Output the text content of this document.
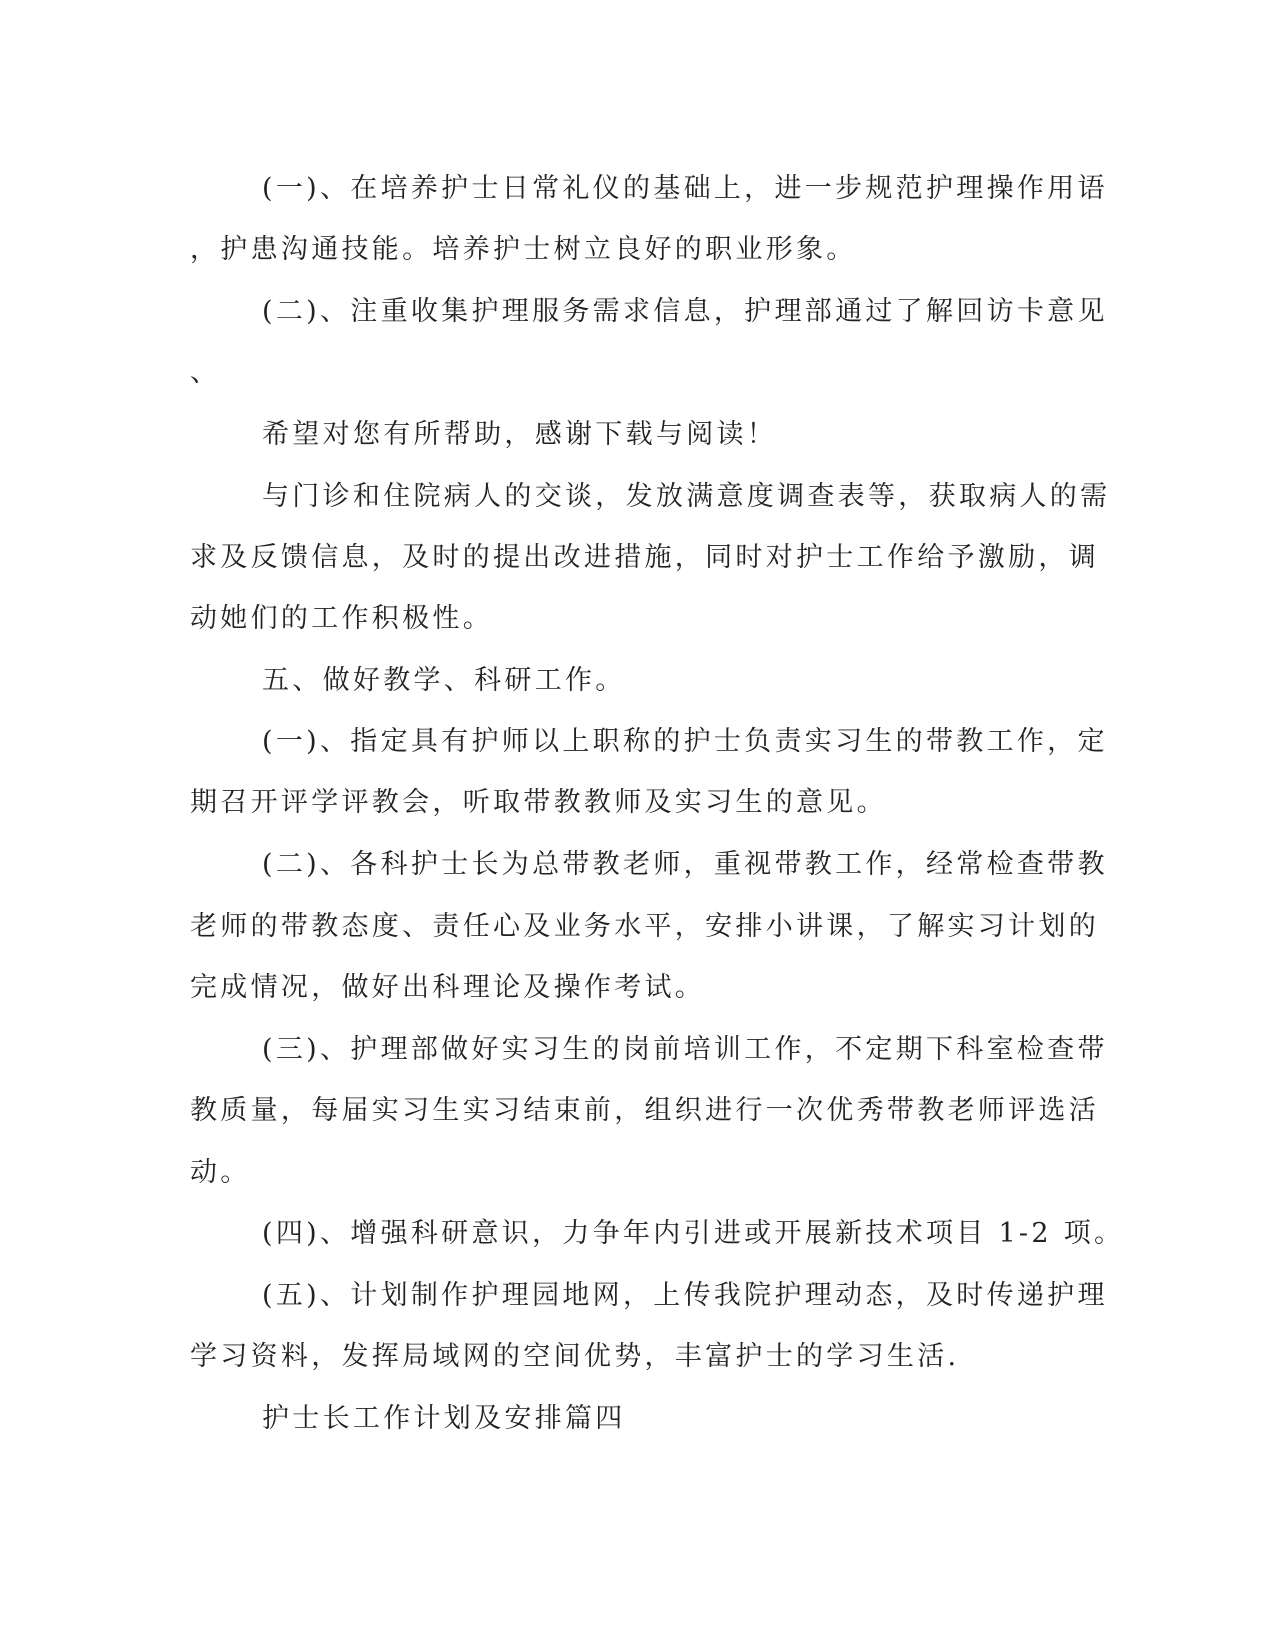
(一)、在培养护士日常礼仪的基础上，进一步规范护理操作用语

，护患沟通技能。培养护士树立良好的职业形象。

(二)、注重收集护理服务需求信息，护理部通过了解回访卡意见

、

希望对您有所帮助，感谢下载与阅读！

与门诊和住院病人的交谈，发放满意度调查表等，获取病人的需

求及反馈信息，及时的提出改进措施，同时对护士工作给予激励，调

动她们的工作积极性。

五、做好教学、科研工作。

(一)、指定具有护师以上职称的护士负责实习生的带教工作，定

期召开评学评教会，听取带教教师及实习生的意见。

(二)、各科护士长为总带教老师，重视带教工作，经常检查带教

老师的带教态度、责任心及业务水平，安排小讲课，了解实习计划的

完成情况，做好出科理论及操作考试。

(三)、护理部做好实习生的岗前培训工作，不定期下科室检查带

教质量，每届实习生实习结束前，组织进行一次优秀带教老师评选活

动。

(四)、增强科研意识，力争年内引进或开展新技术项目 1-2 项。

(五)、计划制作护理园地网，上传我院护理动态，及时传递护理

学习资料，发挥局域网的空间优势，丰富护士的学习生活.

护士长工作计划及安排篇四
